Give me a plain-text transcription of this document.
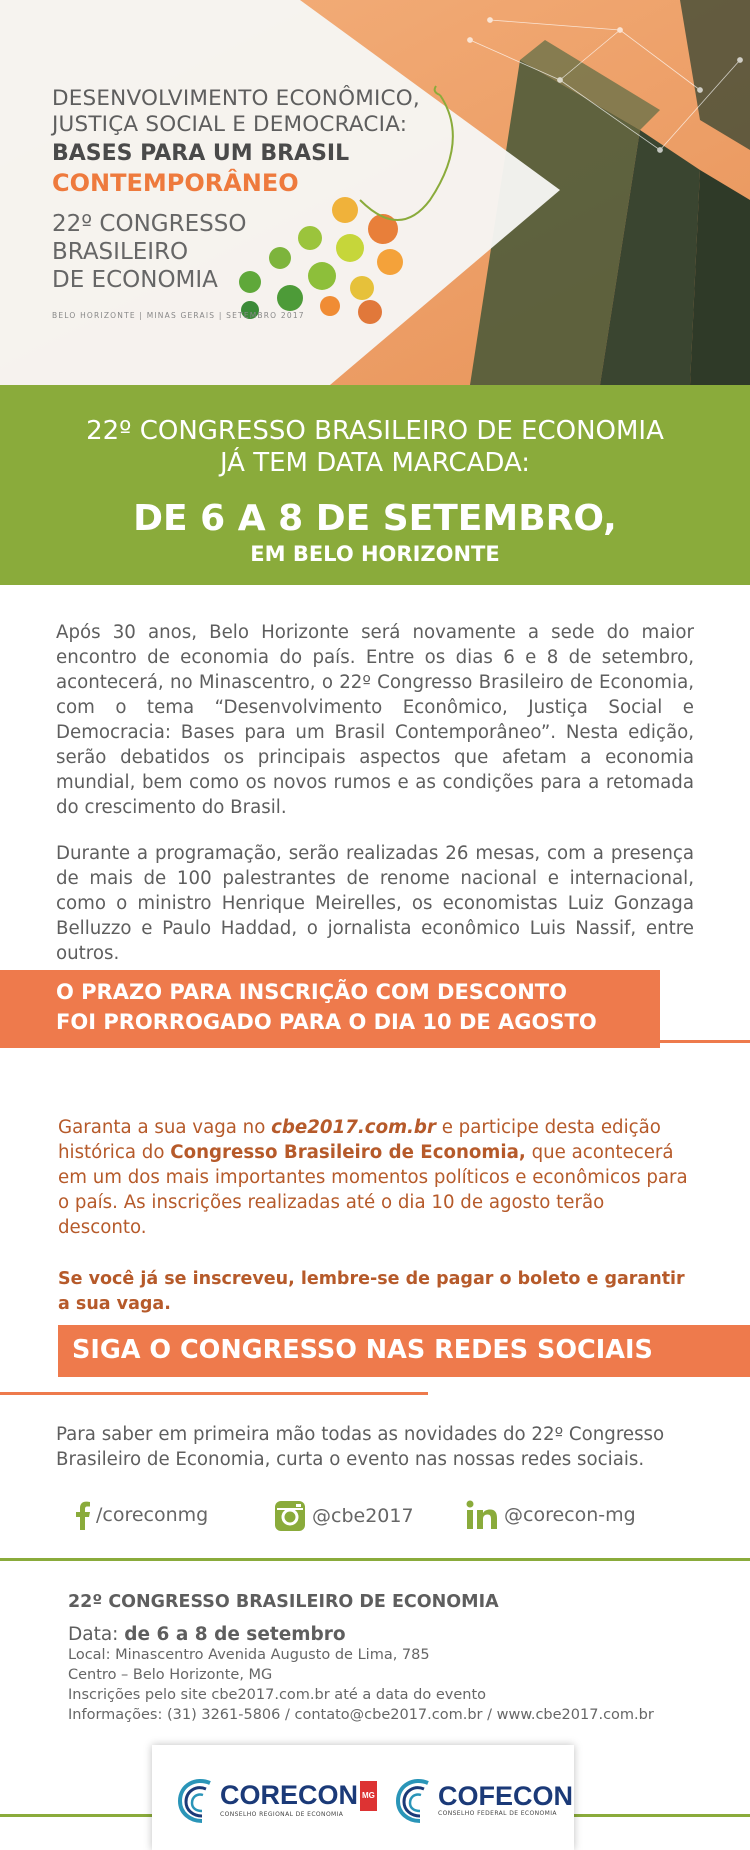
DESENVOLVIMENTO ECONÔMICO,
JUSTIÇA SOCIAL E DEMOCRACIA:
BASES PARA UM BRASIL
CONTEMPORÂNEO
22º CONGRESSO
BRASILEIRO
DE ECONOMIA
BELO HORIZONTE | MINAS GERAIS | SETEMBRO 2017
22º CONGRESSO BRASILEIRO DE ECONOMIA
JÁ TEM DATA MARCADA:
DE 6 A 8 DE SETEMBRO,
EM BELO HORIZONTE

Após 30 anos, Belo Horizonte será novamente a sede do maior encontro de economia do país. Entre os dias 6 e 8 de setembro, acontecerá, no Minascentro, o 22º Congresso Brasileiro de Economia, com o tema “Desenvolvimento Econômico, Justiça Social e Democracia: Bases para um Brasil Contemporâneo”. Nesta edição, serão debatidos os principais aspectos que afetam a economia mundial, bem como os novos rumos e as condições para a retomada do crescimento do Brasil.

Durante a programação, serão realizadas 26 mesas, com a presença de mais de 100 palestrantes de renome nacional e internacional, como o ministro Henrique Meirelles, os economistas Luiz Gonzaga Belluzzo e Paulo Haddad, o jornalista econômico Luis Nassif, entre outros.

O PRAZO PARA INSCRIÇÃO COM DESCONTO
FOI PRORROGADO PARA O DIA 10 DE AGOSTO

Garanta a sua vaga no cbe2017.com.br e participe desta edição histórica do Congresso Brasileiro de Economia, que acontecerá em um dos mais importantes momentos políticos e econômicos para o país. As inscrições realizadas até o dia 10 de agosto terão desconto.

Se você já se inscreveu, lembre-se de pagar o boleto e garantir a sua vaga.

SIGA O CONGRESSO NAS REDES SOCIAIS

Para saber em primeira mão todas as novidades do 22º Congresso Brasileiro de Economia, curta o evento nas nossas redes sociais.

/coreconmg	@cbe2017	@corecon-mg

22º CONGRESSO BRASILEIRO DE ECONOMIA

Data: de 6 a 8 de setembro

Local: Minascentro Avenida Augusto de Lima, 785

Centro – Belo Horizonte, MG

Inscrições pelo site cbe2017.com.br até a data do evento

Informações: (31) 3261-5806 / contato@cbe2017.com.br / www.cbe2017.com.br

CORECON MG
CONSELHO REGIONAL DE ECONOMIA
COFECON
CONSELHO FEDERAL DE ECONOMIA
